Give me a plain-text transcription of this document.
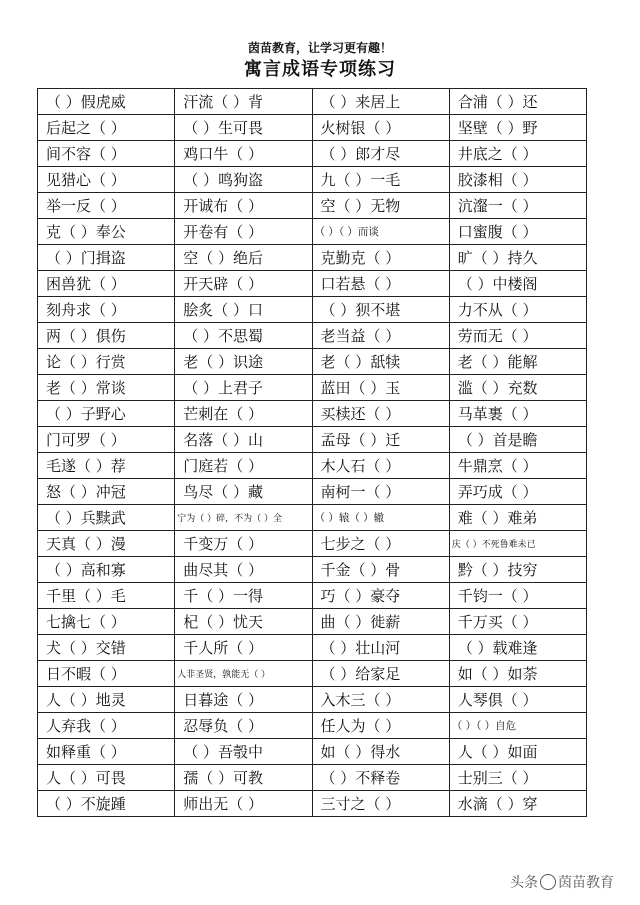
茵苗教育，让学习更有趣！
寓言成语专项练习
（ ）假虎威	汗流（ ）背	（ ）来居上	合浦（ ）还
后起之（ ）	（ ）生可畏	火树银（ ）	坚壁（ ）野
间不容（ ）	鸡口牛（ ）	（ ）郎才尽	井底之（ ）
见猎心（ ）	（ ）鸣狗盗	九（ ）一毛	胶漆相（ ）
举一反（ ）	开诚布（ ）	空（ ）无物	沆瀣一（ ）
克（ ）奉公	开卷有（ ）	（ ）（ ）而谈	口蜜腹（ ）
（ ）门揖盗	空（ ）绝后	克勤克（ ）	旷（ ）持久
困兽犹（ ）	开天辟（ ）	口若悬（ ）	（ ）中楼阁
刻舟求（ ）	脍炙（ ）口	（ ）狈不堪	力不从（ ）
两（ ）俱伤	（ ）不思蜀	老当益（ ）	劳而无（ ）
论（ ）行赏	老（ ）识途	老（ ）舐犊	老（ ）能解
老（ ）常谈	（ ）上君子	蓝田（ ）玉	滥（ ）充数
（ ）子野心	芒刺在（ ）	买椟还（ ）	马革裹（ ）
门可罗（ ）	名落（ ）山	孟母（ ）迁	（ ）首是瞻
毛遂（ ）荐	门庭若（ ）	木人石（ ）	牛鼎烹（ ）
怒（ ）冲冠	鸟尽（ ）藏	南柯一（ ）	弄巧成（ ）
（ ）兵黩武	宁为（ ）碎，不为（ ）全	（ ）辕（ ）辙	难（ ）难弟
天真（ ）漫	千变万（ ）	七步之（ ）	庆（ ）不死鲁难未已
（ ）高和寡	曲尽其（ ）	千金（ ）骨	黔（ ）技穷
千里（ ）毛	千（ ）一得	巧（ ）豪夺	千钧一（ ）
七擒七（ ）	杞（ ）忧天	曲（ ）徙薪	千万买（ ）
犬（ ）交错	千人所（ ）	（ ）壮山河	（ ）载难逢
日不暇（ ）	人非圣贤，孰能无（ ）	（ ）给家足	如（ ）如荼
人（ ）地灵	日暮途（ ）	入木三（ ）	人琴俱（ ）
人弃我（ ）	忍辱负（ ）	任人为（ ）	（ ）（ ）自危
如释重（ ）	（ ）吾彀中	如（ ）得水	人（ ）如面
人（ ）可畏	孺（ ）可教	（ ）不释卷	士别三（ ）
（ ）不旋踵	师出无（ ）	三寸之（ ）	水滴（ ）穿
头条 茵苗教育
